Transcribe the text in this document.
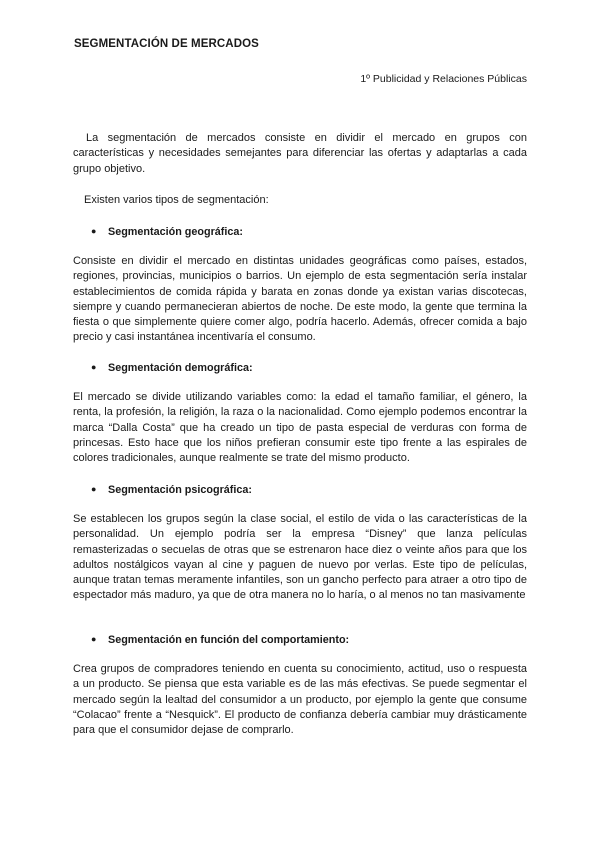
SEGMENTACIÓN DE MERCADOS

1º Publicidad y Relaciones Públicas

La segmentación de mercados consiste en dividir el mercado en grupos con características y necesidades semejantes para diferenciar las ofertas y adaptarlas a cada grupo objetivo.

Existen varios tipos de segmentación:

● Segmentación geográfica:

Consiste en dividir el mercado en distintas unidades geográficas como países, estados, regiones, provincias, municipios o barrios. Un ejemplo de esta segmentación sería instalar establecimientos de comida rápida y barata en zonas donde ya existan varias discotecas, siempre y cuando permanecieran abiertos de noche. De este modo, la gente que termina la fiesta o que simplemente quiere comer algo, podría hacerlo. Además, ofrecer comida a bajo precio y casi instantánea incentivaría el consumo.

● Segmentación demográfica:

El mercado se divide utilizando variables como: la edad el tamaño familiar, el género, la renta, la profesión, la religión, la raza o la nacionalidad. Como ejemplo podemos encontrar la marca “Dalla Costa” que ha creado un tipo de pasta especial de verduras con forma de princesas. Esto hace que los niños prefieran consumir este tipo frente a las espirales de colores tradicionales, aunque realmente se trate del mismo producto.

● Segmentación psicográfica:

Se establecen los grupos según la clase social, el estilo de vida o las características de la personalidad. Un ejemplo podría ser la empresa “Disney” que lanza películas remasterizadas o secuelas de otras que se estrenaron hace diez o veinte años para que los adultos nostálgicos vayan al cine y paguen de nuevo por verlas. Este tipo de películas, aunque tratan temas meramente infantiles, son un gancho perfecto para atraer a otro tipo de espectador más maduro, ya que de otra manera no lo haría, o al menos no tan masivamente

● Segmentación en función del comportamiento:

Crea grupos de compradores teniendo en cuenta su conocimiento, actitud, uso o respuesta a un producto. Se piensa que esta variable es de las más efectivas. Se puede segmentar el mercado según la lealtad del consumidor a un producto, por ejemplo la gente que consume “Colacao” frente a “Nesquick”. El producto de confianza debería cambiar muy drásticamente para que el consumidor dejase de comprarlo.
